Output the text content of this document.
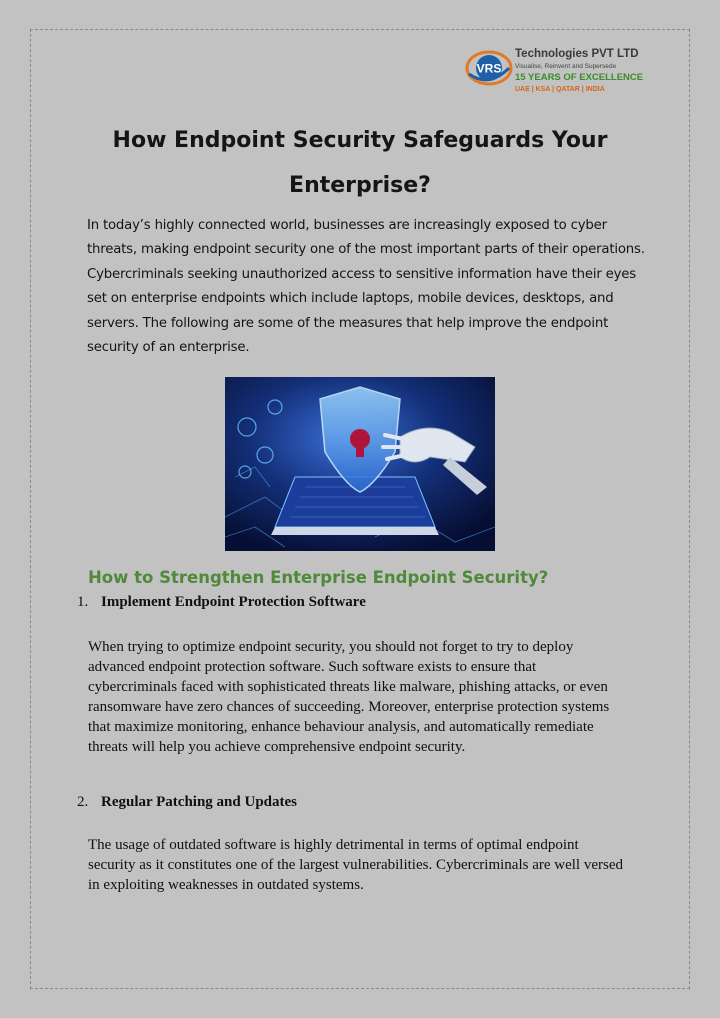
VRS
Technologies PVT LTD
Visualise, Reinvent and Supersede
15 YEARS OF EXCELLENCE
UAE | KSA | QATAR | INDIA
How Endpoint Security Safeguards Your Enterprise?

In today’s highly connected world, businesses are increasingly exposed to cyber threats, making endpoint security one of the most important parts of their operations. Cybercriminals seeking unauthorized access to sensitive information have their eyes set on enterprise endpoints which include laptops, mobile devices, desktops, and servers. The following are some of the measures that help improve the endpoint security of an enterprise.

How to Strengthen Enterprise Endpoint Security?
1. Implement Endpoint Protection Software

When trying to optimize endpoint security, you should not forget to try to deploy advanced endpoint protection software. Such software exists to ensure that cybercriminals faced with sophisticated threats like malware, phishing attacks, or even ransomware have zero chances of succeeding. Moreover, enterprise protection systems that maximize monitoring, enhance behaviour analysis, and automatically remediate threats will help you achieve comprehensive endpoint security.

2. Regular Patching and Updates

The usage of outdated software is highly detrimental in terms of optimal endpoint security as it constitutes one of the largest vulnerabilities. Cybercriminals are well versed in exploiting weaknesses in outdated systems.
